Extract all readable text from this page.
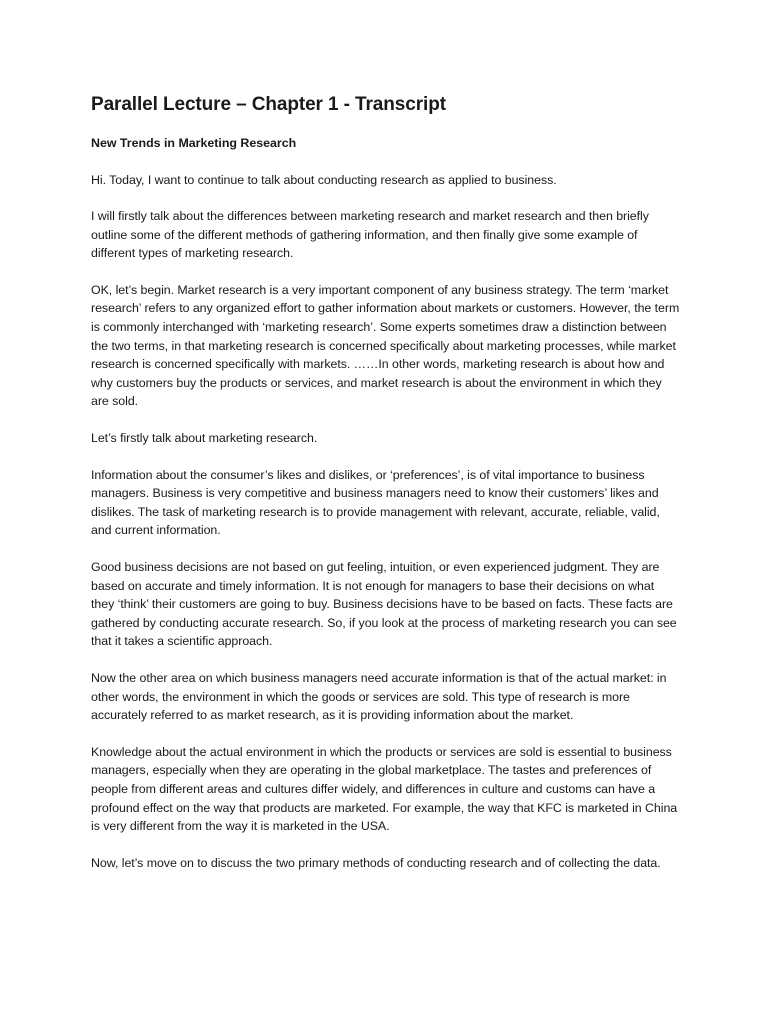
Parallel Lecture – Chapter 1 - Transcript
New Trends in Marketing Research

Hi. Today, I want to continue to talk about conducting research as applied to business.

I will firstly talk about the differences between marketing research and market research and then briefly outline some of the different methods of gathering information, and then finally give some example of different types of marketing research.

OK, let’s begin. Market research is a very important component of any business strategy. The term ‘market research’ refers to any organized effort to gather information about markets or customers. However, the term is commonly interchanged with ‘marketing research’. Some experts sometimes draw a distinction between the two terms, in that marketing research is concerned specifically about marketing processes, while market research is concerned specifically with markets. ……In other words, marketing research is about how and why customers buy the products or services, and market research is about the environment in which they are sold.

Let’s firstly talk about marketing research.

Information about the consumer’s likes and dislikes, or ‘preferences’, is of vital importance to business managers. Business is very competitive and business managers need to know their customers’ likes and dislikes. The task of marketing research is to provide management with relevant, accurate, reliable, valid, and current information.

Good business decisions are not based on gut feeling, intuition, or even experienced judgment. They are based on accurate and timely information. It is not enough for managers to base their decisions on what they ‘think’ their customers are going to buy. Business decisions have to be based on facts. These facts are gathered by conducting accurate research. So, if you look at the process of marketing research you can see that it takes a scientific approach.

Now the other area on which business managers need accurate information is that of the actual market: in other words, the environment in which the goods or services are sold. This type of research is more accurately referred to as market research, as it is providing information about the market.

Knowledge about the actual environment in which the products or services are sold is essential to business managers, especially when they are operating in the global marketplace. The tastes and preferences of people from different areas and cultures differ widely, and differences in culture and customs can have a profound effect on the way that products are marketed. For example, the way that KFC is marketed in China is very different from the way it is marketed in the USA.

Now, let’s move on to discuss the two primary methods of conducting research and of collecting the data.
